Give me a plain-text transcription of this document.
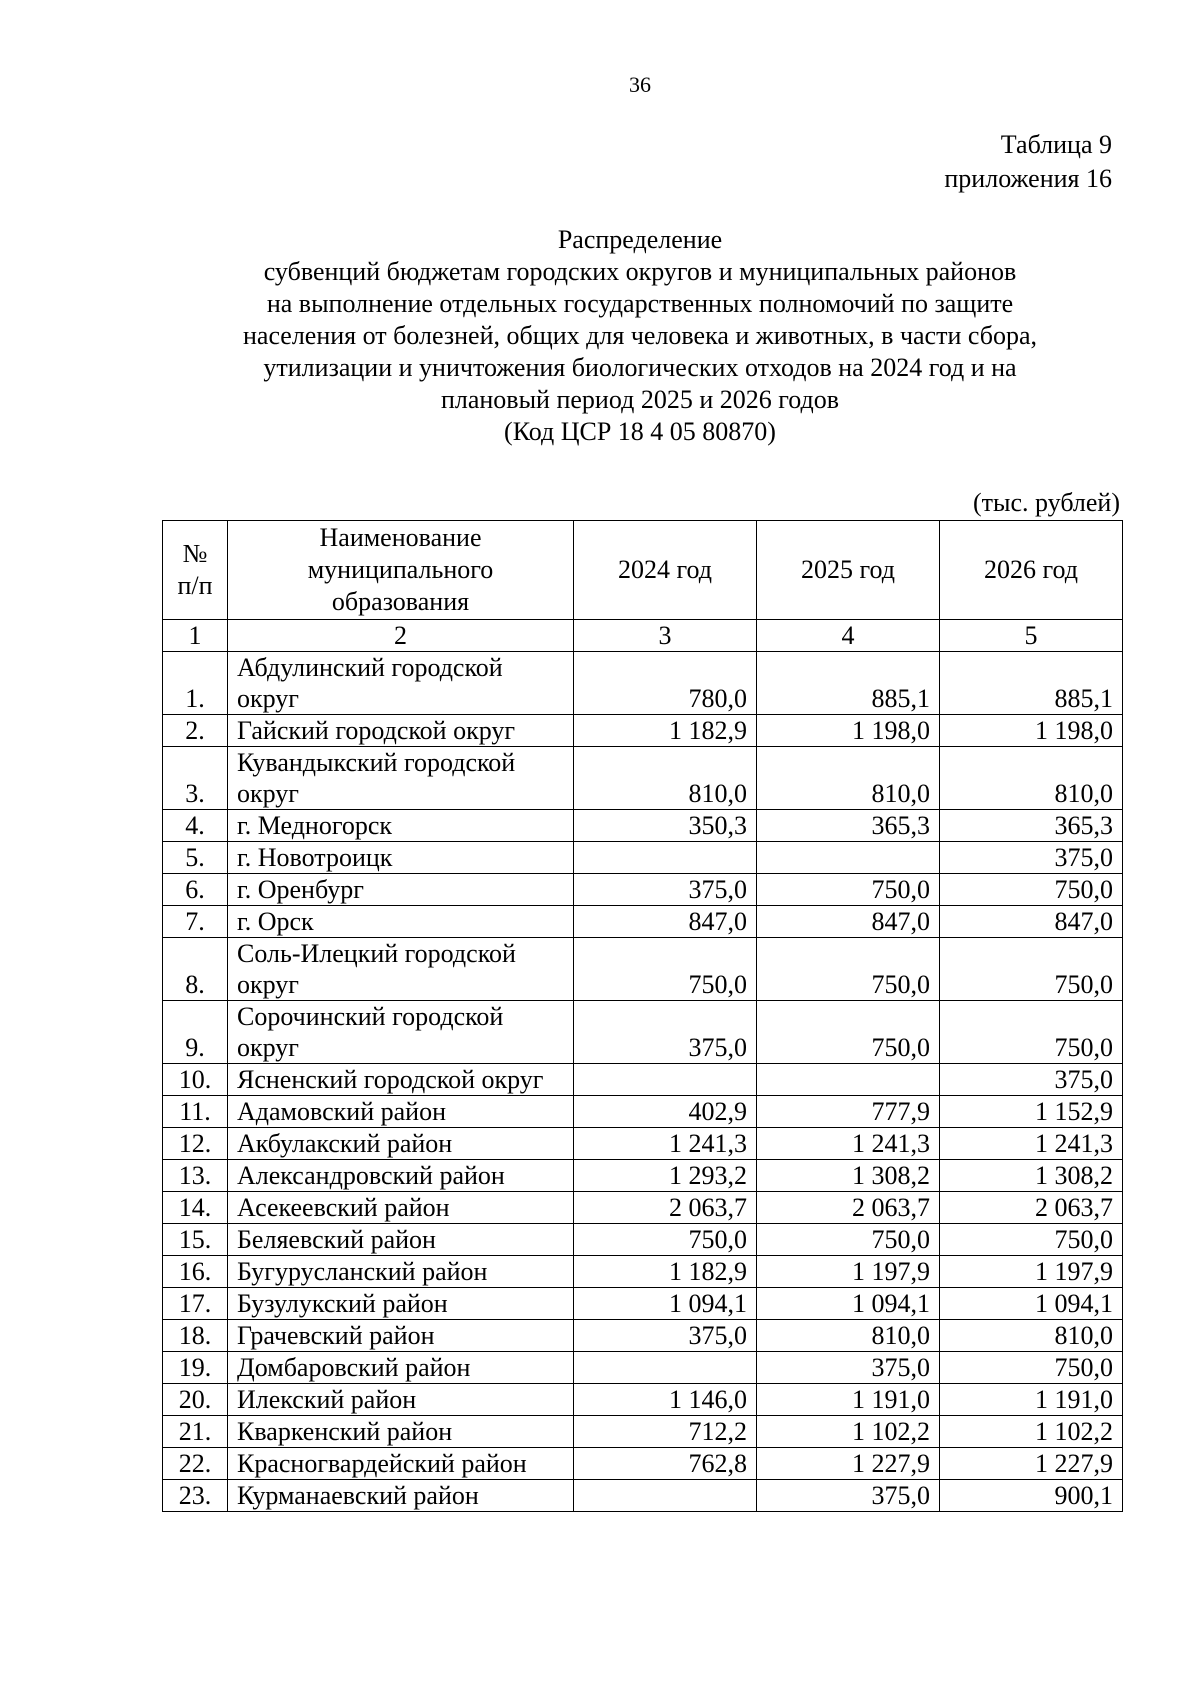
36
Таблица 9
приложения 16
Распределение
субвенций бюджетам городских округов и муниципальных районов
на выполнение отдельных государственных полномочий по защите
населения от болезней, общих для человека и животных, в части сбора,
утилизации и уничтожения биологических отходов на 2024 год и на
плановый период 2025 и 2026 годов
(Код ЦСР 18 4 05 80870)
(тыс. рублей)
№ п/п	Наименование муниципального образования	2024 год	2025 год	2026 год
1	2	3	4	5
1.	Абдулинский городской округ	780,0	885,1	885,1
2.	Гайский городской округ	1 182,9	1 198,0	1 198,0
3.	Кувандыкский городской округ	810,0	810,0	810,0
4.	г. Медногорск	350,3	365,3	365,3
5.	г. Новотроицк			375,0
6.	г. Оренбург	375,0	750,0	750,0
7.	г. Орск	847,0	847,0	847,0
8.	Соль-Илецкий городской округ	750,0	750,0	750,0
9.	Сорочинский городской округ	375,0	750,0	750,0
10.	Ясненский городской округ			375,0
11.	Адамовский район	402,9	777,9	1 152,9
12.	Акбулакский район	1 241,3	1 241,3	1 241,3
13.	Александровский район	1 293,2	1 308,2	1 308,2
14.	Асекеевский район	2 063,7	2 063,7	2 063,7
15.	Беляевский район	750,0	750,0	750,0
16.	Бугурусланский район	1 182,9	1 197,9	1 197,9
17.	Бузулукский район	1 094,1	1 094,1	1 094,1
18.	Грачевский район	375,0	810,0	810,0
19.	Домбаровский район		375,0	750,0
20.	Илекский район	1 146,0	1 191,0	1 191,0
21.	Кваркенский район	712,2	1 102,2	1 102,2
22.	Красногвардейский район	762,8	1 227,9	1 227,9
23.	Курманаевский район		375,0	900,1
